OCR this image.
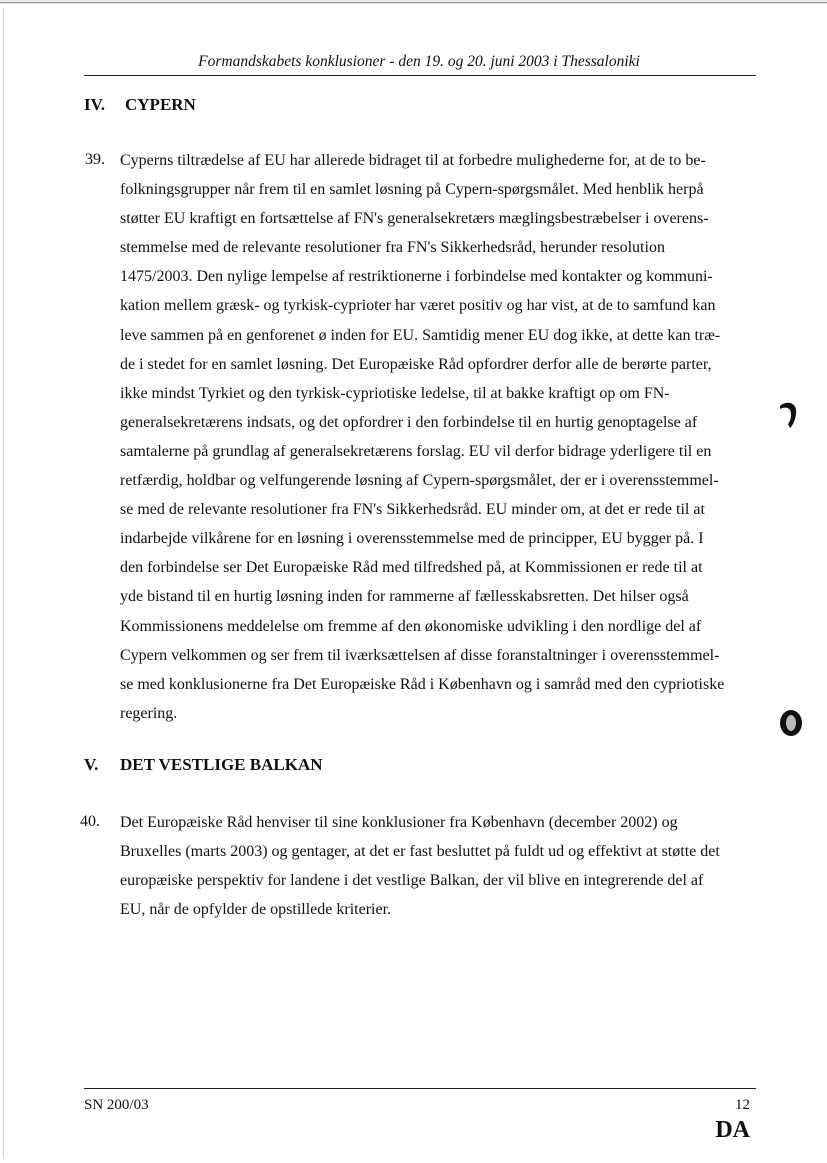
Formandskabets konklusioner - den 19. og 20. juni 2003 i Thessaloniki
IV. CYPERN
39. Cyperns tiltrædelse af EU har allerede bidraget til at forbedre mulighederne for, at de to be-
folkningsgrupper når frem til en samlet løsning på Cypern-spørgsmålet. Med henblik herpå
støtter EU kraftigt en fortsættelse af FN's generalsekretærs mæglingsbestræbelser i overens-
stemmelse med de relevante resolutioner fra FN's Sikkerhedsråd, herunder resolution
1475/2003. Den nylige lempelse af restriktionerne i forbindelse med kontakter og kommuni-
kation mellem græsk- og tyrkisk-cyprioter har været positiv og har vist, at de to samfund kan
leve sammen på en genforenet ø inden for EU. Samtidig mener EU dog ikke, at dette kan træ-
de i stedet for en samlet løsning. Det Europæiske Råd opfordrer derfor alle de berørte parter,
ikke mindst Tyrkiet og den tyrkisk-cypriotiske ledelse, til at bakke kraftigt op om FN-
generalsekretærens indsats, og det opfordrer i den forbindelse til en hurtig genoptagelse af
samtalerne på grundlag af generalsekretærens forslag. EU vil derfor bidrage yderligere til en
retfærdig, holdbar og velfungerende løsning af Cypern-spørgsmålet, der er i overensstemmel-
se med de relevante resolutioner fra FN's Sikkerhedsråd. EU minder om, at det er rede til at
indarbejde vilkårene for en løsning i overensstemmelse med de principper, EU bygger på. I
den forbindelse ser Det Europæiske Råd med tilfredshed på, at Kommissionen er rede til at
yde bistand til en hurtig løsning inden for rammerne af fællesskabsretten. Det hilser også
Kommissionens meddelelse om fremme af den økonomiske udvikling i den nordlige del af
Cypern velkommen og ser frem til iværksættelsen af disse foranstaltninger i overensstemmel-
se med konklusionerne fra Det Europæiske Råd i København og i samråd med den cypriotiske
regering.
V. DET VESTLIGE BALKAN
40. Det Europæiske Råd henviser til sine konklusioner fra København (december 2002) og
Bruxelles (marts 2003) og gentager, at det er fast besluttet på fuldt ud og effektivt at støtte det
europæiske perspektiv for landene i det vestlige Balkan, der vil blive en integrerende del af
EU, når de opfylder de opstillede kriterier.
SN 200/03	12
DA
